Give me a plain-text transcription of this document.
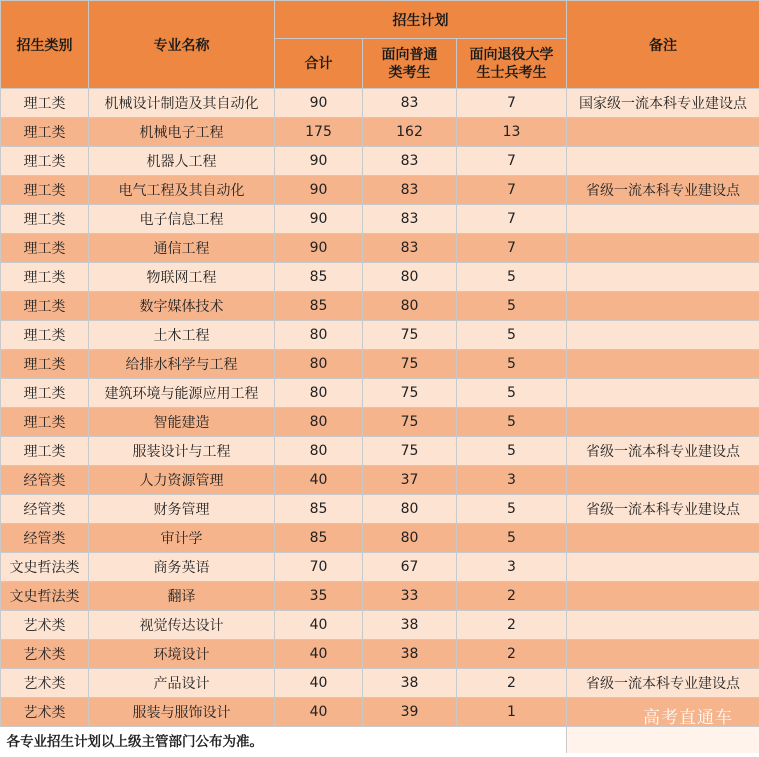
招生类别	专业名称	招生计划			备注
		合计	面向普通类考生	面向退役大学生士兵考生	
理工类	机械设计制造及其自动化	90	83	7	国家级一流本科专业建设点
理工类	机械电子工程	175	162	13	
理工类	机器人工程	90	83	7	
理工类	电气工程及其自动化	90	83	7	省级一流本科专业建设点
理工类	电子信息工程	90	83	7	
理工类	通信工程	90	83	7	
理工类	物联网工程	85	80	5	
理工类	数字媒体技术	85	80	5	
理工类	土木工程	80	75	5	
理工类	给排水科学与工程	80	75	5	
理工类	建筑环境与能源应用工程	80	75	5	
理工类	智能建造	80	75	5	
理工类	服装设计与工程	80	75	5	省级一流本科专业建设点
经管类	人力资源管理	40	37	3	
经管类	财务管理	85	80	5	省级一流本科专业建设点
经管类	审计学	85	80	5	
文史哲法类	商务英语	70	67	3	
文史哲法类	翻译	35	33	2	
艺术类	视觉传达设计	40	38	2	
艺术类	环境设计	40	38	2	
艺术类	产品设计	40	38	2	省级一流本科专业建设点
艺术类	服装与服饰设计	40	39	1	
各专业招生计划以上级主管部门公布为准。					
高考直通车
